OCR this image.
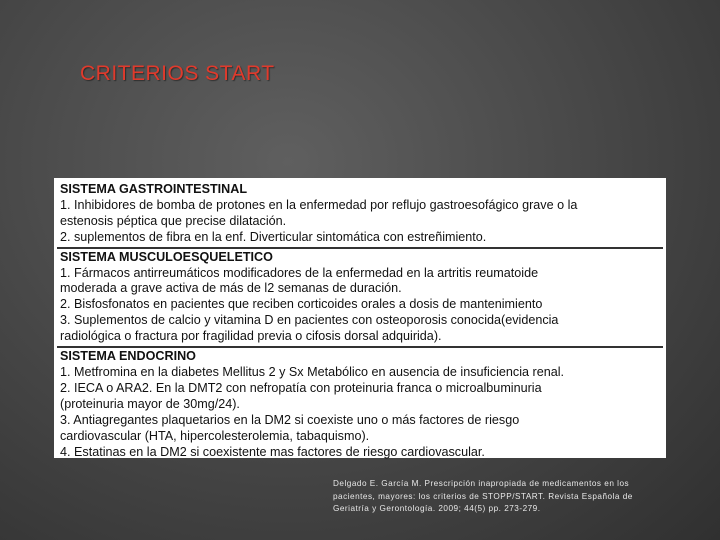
CRITERIOS START
SISTEMA GASTROINTESTINAL
1. Inhibidores de bomba de protones en la enfermedad por reflujo gastroesofágico grave o la
estenosis péptica que precise dilatación.
2. suplementos de fibra en la enf. Diverticular sintomática con estreñimiento.
SISTEMA MUSCULOESQUELETICO
1. Fármacos antirreumáticos modificadores de la enfermedad en la artritis reumatoide
moderada a grave activa de más de l2 semanas de duración.
2. Bisfosfonatos en pacientes que reciben corticoides orales a dosis de mantenimiento
3. Suplementos de calcio y vitamina D en pacientes con osteoporosis conocida(evidencia
radiológica o fractura por fragilidad previa o cifosis dorsal adquirida).
SISTEMA ENDOCRINO
1. Metfromina en la diabetes Mellitus 2 y Sx Metabólico en ausencia de insuficiencia renal.
2. IECA o ARA2. En la DMT2 con nefropatía con proteinuria franca o microalbuminuria
(proteinuria mayor de 30mg/24).
3. Antiagregantes plaquetarios en la DM2 si coexiste uno o más factores de riesgo
cardiovascular (HTA, hipercolesterolemia, tabaquismo).
4. Estatinas en la DM2 si coexistente mas factores de riesgo cardiovascular.
Delgado E. García M. Prescripción inapropiada de medicamentos en los
pacientes, mayores: los criterios de STOPP/START. Revista Española de
Geriatría y Gerontología. 2009; 44(5) pp. 273-279.
